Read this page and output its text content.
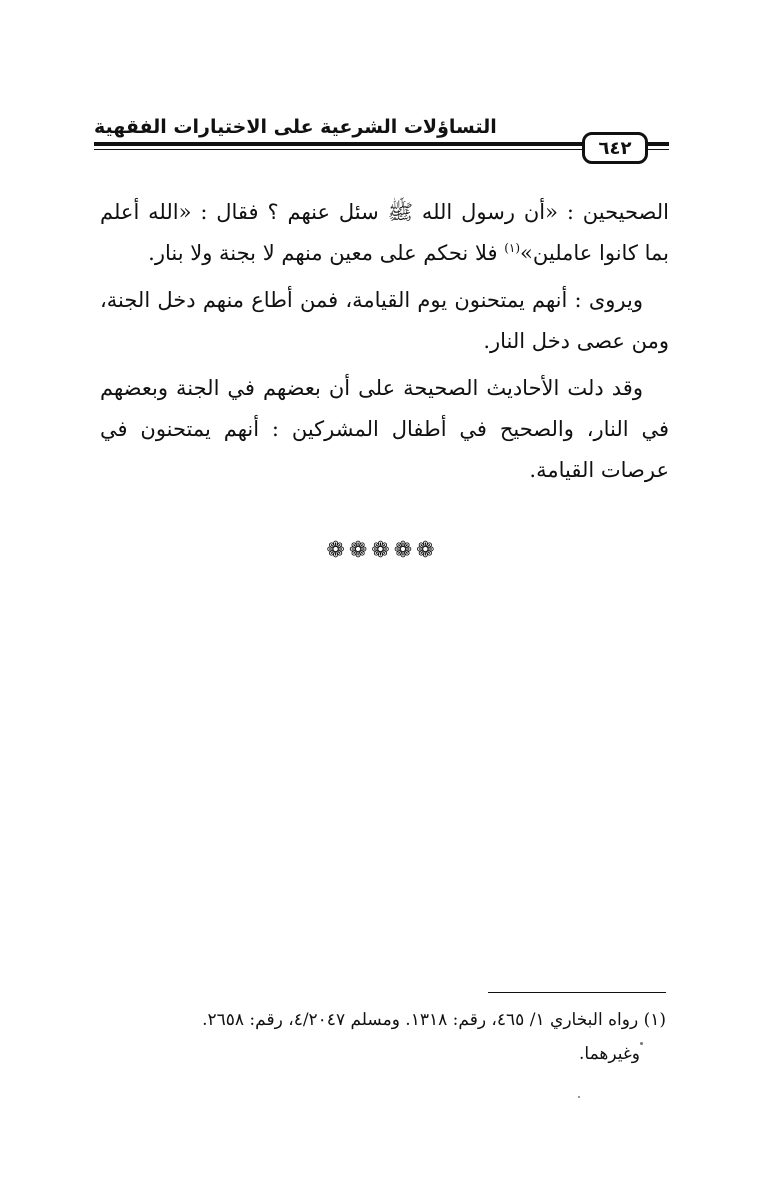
التساؤلات الشرعية على الاختيارات الفقهية
٦٤٢

الصحيحين : «أن رسول الله ﷺ سئل عنهم ؟ فقال : «الله أعلم بما كانوا عاملين»$^{(١)}$ فلا نحكم على معين منهم لا بجنة ولا بنار.

ويروى : أنهم يمتحنون يوم القيامة، فمن أطاع منهم دخل الجنة، ومن عصى دخل النار.

وقد دلت الأحاديث الصحيحة على أن بعضهم في الجنة وبعضهم في النار، والصحيح في أطفال المشركين : أنهم يمتحنون في عرصات القيامة.

❁❁❁❁❁
(١) رواه البخاري ١/ ٤٦٥، رقم: ١٣١٨. ومسلم ٤/٢٠٤٧، رقم: ٢٦٥٨.
وغيرهما.
